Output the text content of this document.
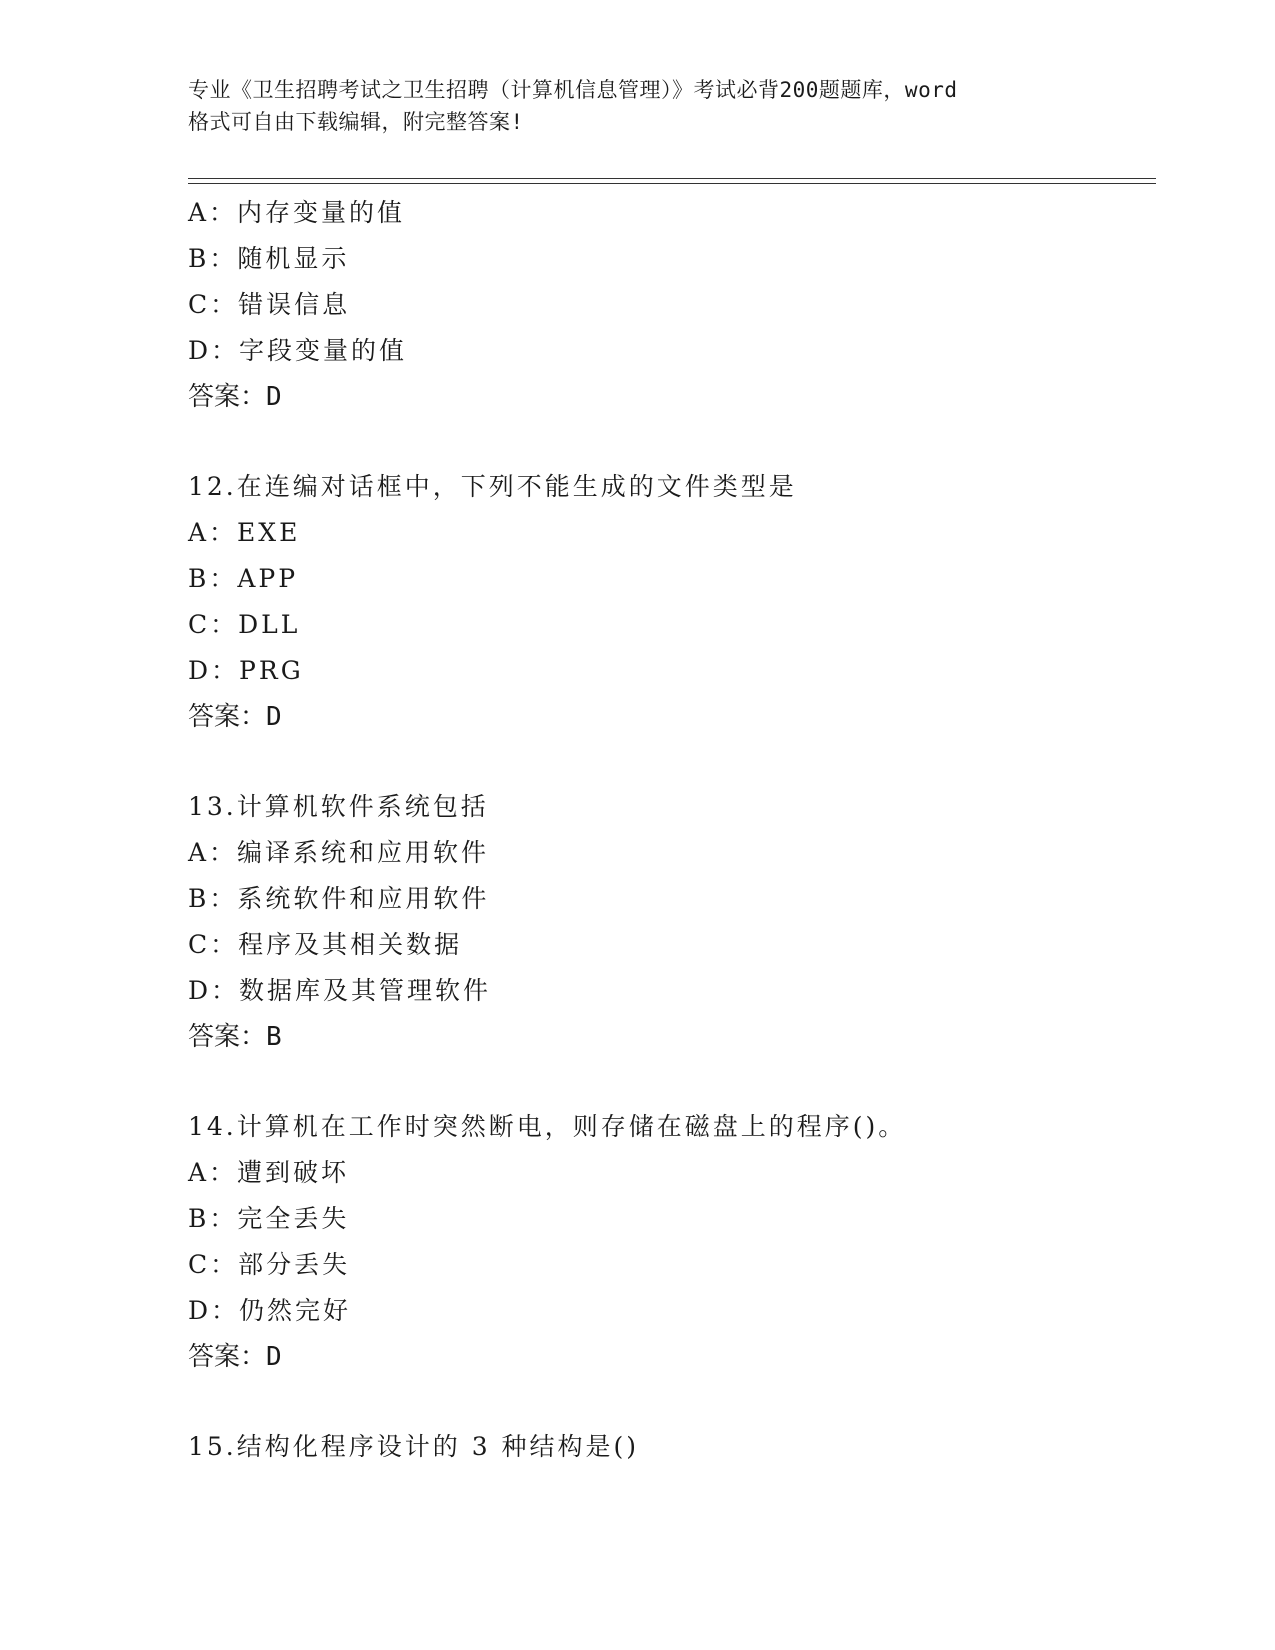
专业《卫生招聘考试之卫生招聘（计算机信息管理）》考试必背200题题库，word
格式可自由下载编辑，附完整答案!
A：内存变量的值
B：随机显示
C：错误信息
D：字段变量的值
答案：D
12.在连编对话框中，下列不能生成的文件类型是
A：EXE
B：APP
C：DLL
D：PRG
答案：D
13.计算机软件系统包括
A：编译系统和应用软件
B：系统软件和应用软件
C：程序及其相关数据
D：数据库及其管理软件
答案：B
14.计算机在工作时突然断电，则存储在磁盘上的程序()。
A：遭到破坏
B：完全丢失
C：部分丢失
D：仍然完好
答案：D
15.结构化程序设计的 3 种结构是()
